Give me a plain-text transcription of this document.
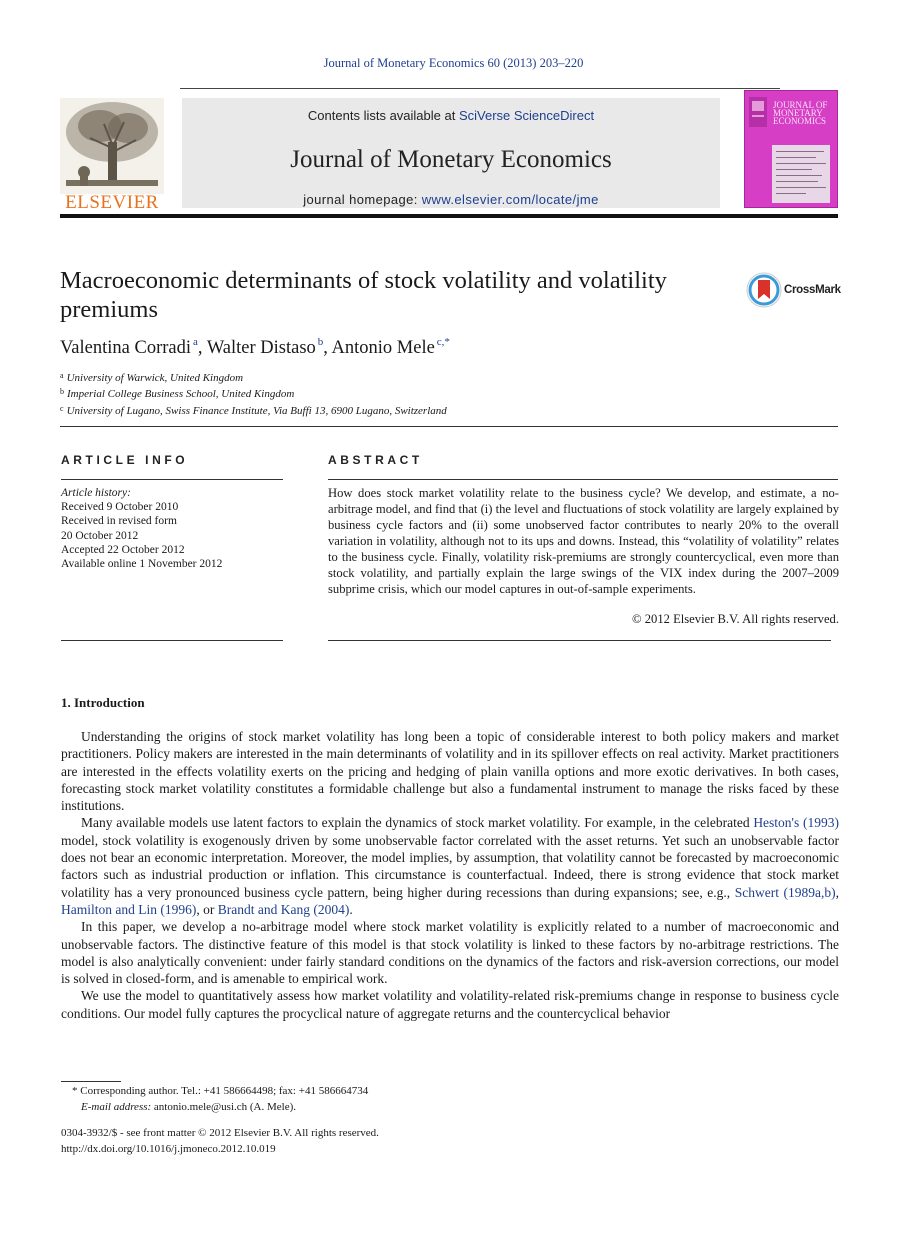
Journal of Monetary Economics 60 (2013) 203–220
ELSEVIER
Contents lists available at SciVerse ScienceDirect
Journal of Monetary Economics
journal homepage: www.elsevier.com/locate/jme
JOURNAL OF MONETARY ECONOMICS
Macroeconomic determinants of stock volatility and volatility premiums
CrossMark
Valentina Corradi $^a$, Walter Distaso $^b$, Antonio Mele $^{c,*}$
$^a$ University of Warwick, United Kingdom
$^b$ Imperial College Business School, United Kingdom
$^c$ University of Lugano, Swiss Finance Institute, Via Buffi 13, 6900 Lugano, Switzerland
ARTICLE INFO	ABSTRACT
Article history:
Received 9 October 2010
Received in revised form
20 October 2012
Accepted 22 October 2012
Available online 1 November 2012

How does stock market volatility relate to the business cycle? We develop, and estimate, a no-arbitrage model, and find that (i) the level and fluctuations of stock volatility are largely explained by business cycle factors and (ii) some unobserved factor contributes to nearly 20% to the overall variation in volatility, although not to its ups and downs. Instead, this “volatility of volatility” relates to the business cycle. Finally, volatility risk-premiums are strongly countercyclical, even more than stock volatility, and partially explain the large swings of the VIX index during the 2007–2009 subprime crisis, which our model captures in out-of-sample experiments.

© 2012 Elsevier B.V. All rights reserved.
1. Introduction

Understanding the origins of stock market volatility has long been a topic of considerable interest to both policy makers and market practitioners. Policy makers are interested in the main determinants of volatility and in its spillover effects on real activity. Market practitioners are interested in the effects volatility exerts on the pricing and hedging of plain vanilla options and more exotic derivatives. In both cases, forecasting stock market volatility constitutes a formidable challenge but also a fundamental instrument to manage the risks faced by these institutions.

Many available models use latent factors to explain the dynamics of stock market volatility. For example, in the celebrated Heston's (1993) model, stock volatility is exogenously driven by some unobservable factor correlated with the asset returns. Yet such an unobservable factor does not bear an economic interpretation. Moreover, the model implies, by assumption, that volatility cannot be forecasted by macroeconomic factors such as industrial production or inflation. This circumstance is counterfactual. Indeed, there is strong evidence that stock market volatility has a very pronounced business cycle pattern, being higher during recessions than during expansions; see, e.g., Schwert (1989a,b), Hamilton and Lin (1996), or Brandt and Kang (2004).

In this paper, we develop a no-arbitrage model where stock market volatility is explicitly related to a number of macroeconomic and unobservable factors. The distinctive feature of this model is that stock volatility is linked to these factors by no-arbitrage restrictions. The model is also analytically convenient: under fairly standard conditions on the dynamics of the factors and risk-aversion corrections, our model is solved in closed-form, and is amenable to empirical work.

We use the model to quantitatively assess how market volatility and volatility-related risk-premiums change in response to business cycle conditions. Our model fully captures the procyclical nature of aggregate returns and the countercyclical behavior

* Corresponding author. Tel.: +41 586664498; fax: +41 586664734
E-mail address: antonio.mele@usi.ch (A. Mele).
0304-3932/$ - see front matter © 2012 Elsevier B.V. All rights reserved.
http://dx.doi.org/10.1016/j.jmoneco.2012.10.019
